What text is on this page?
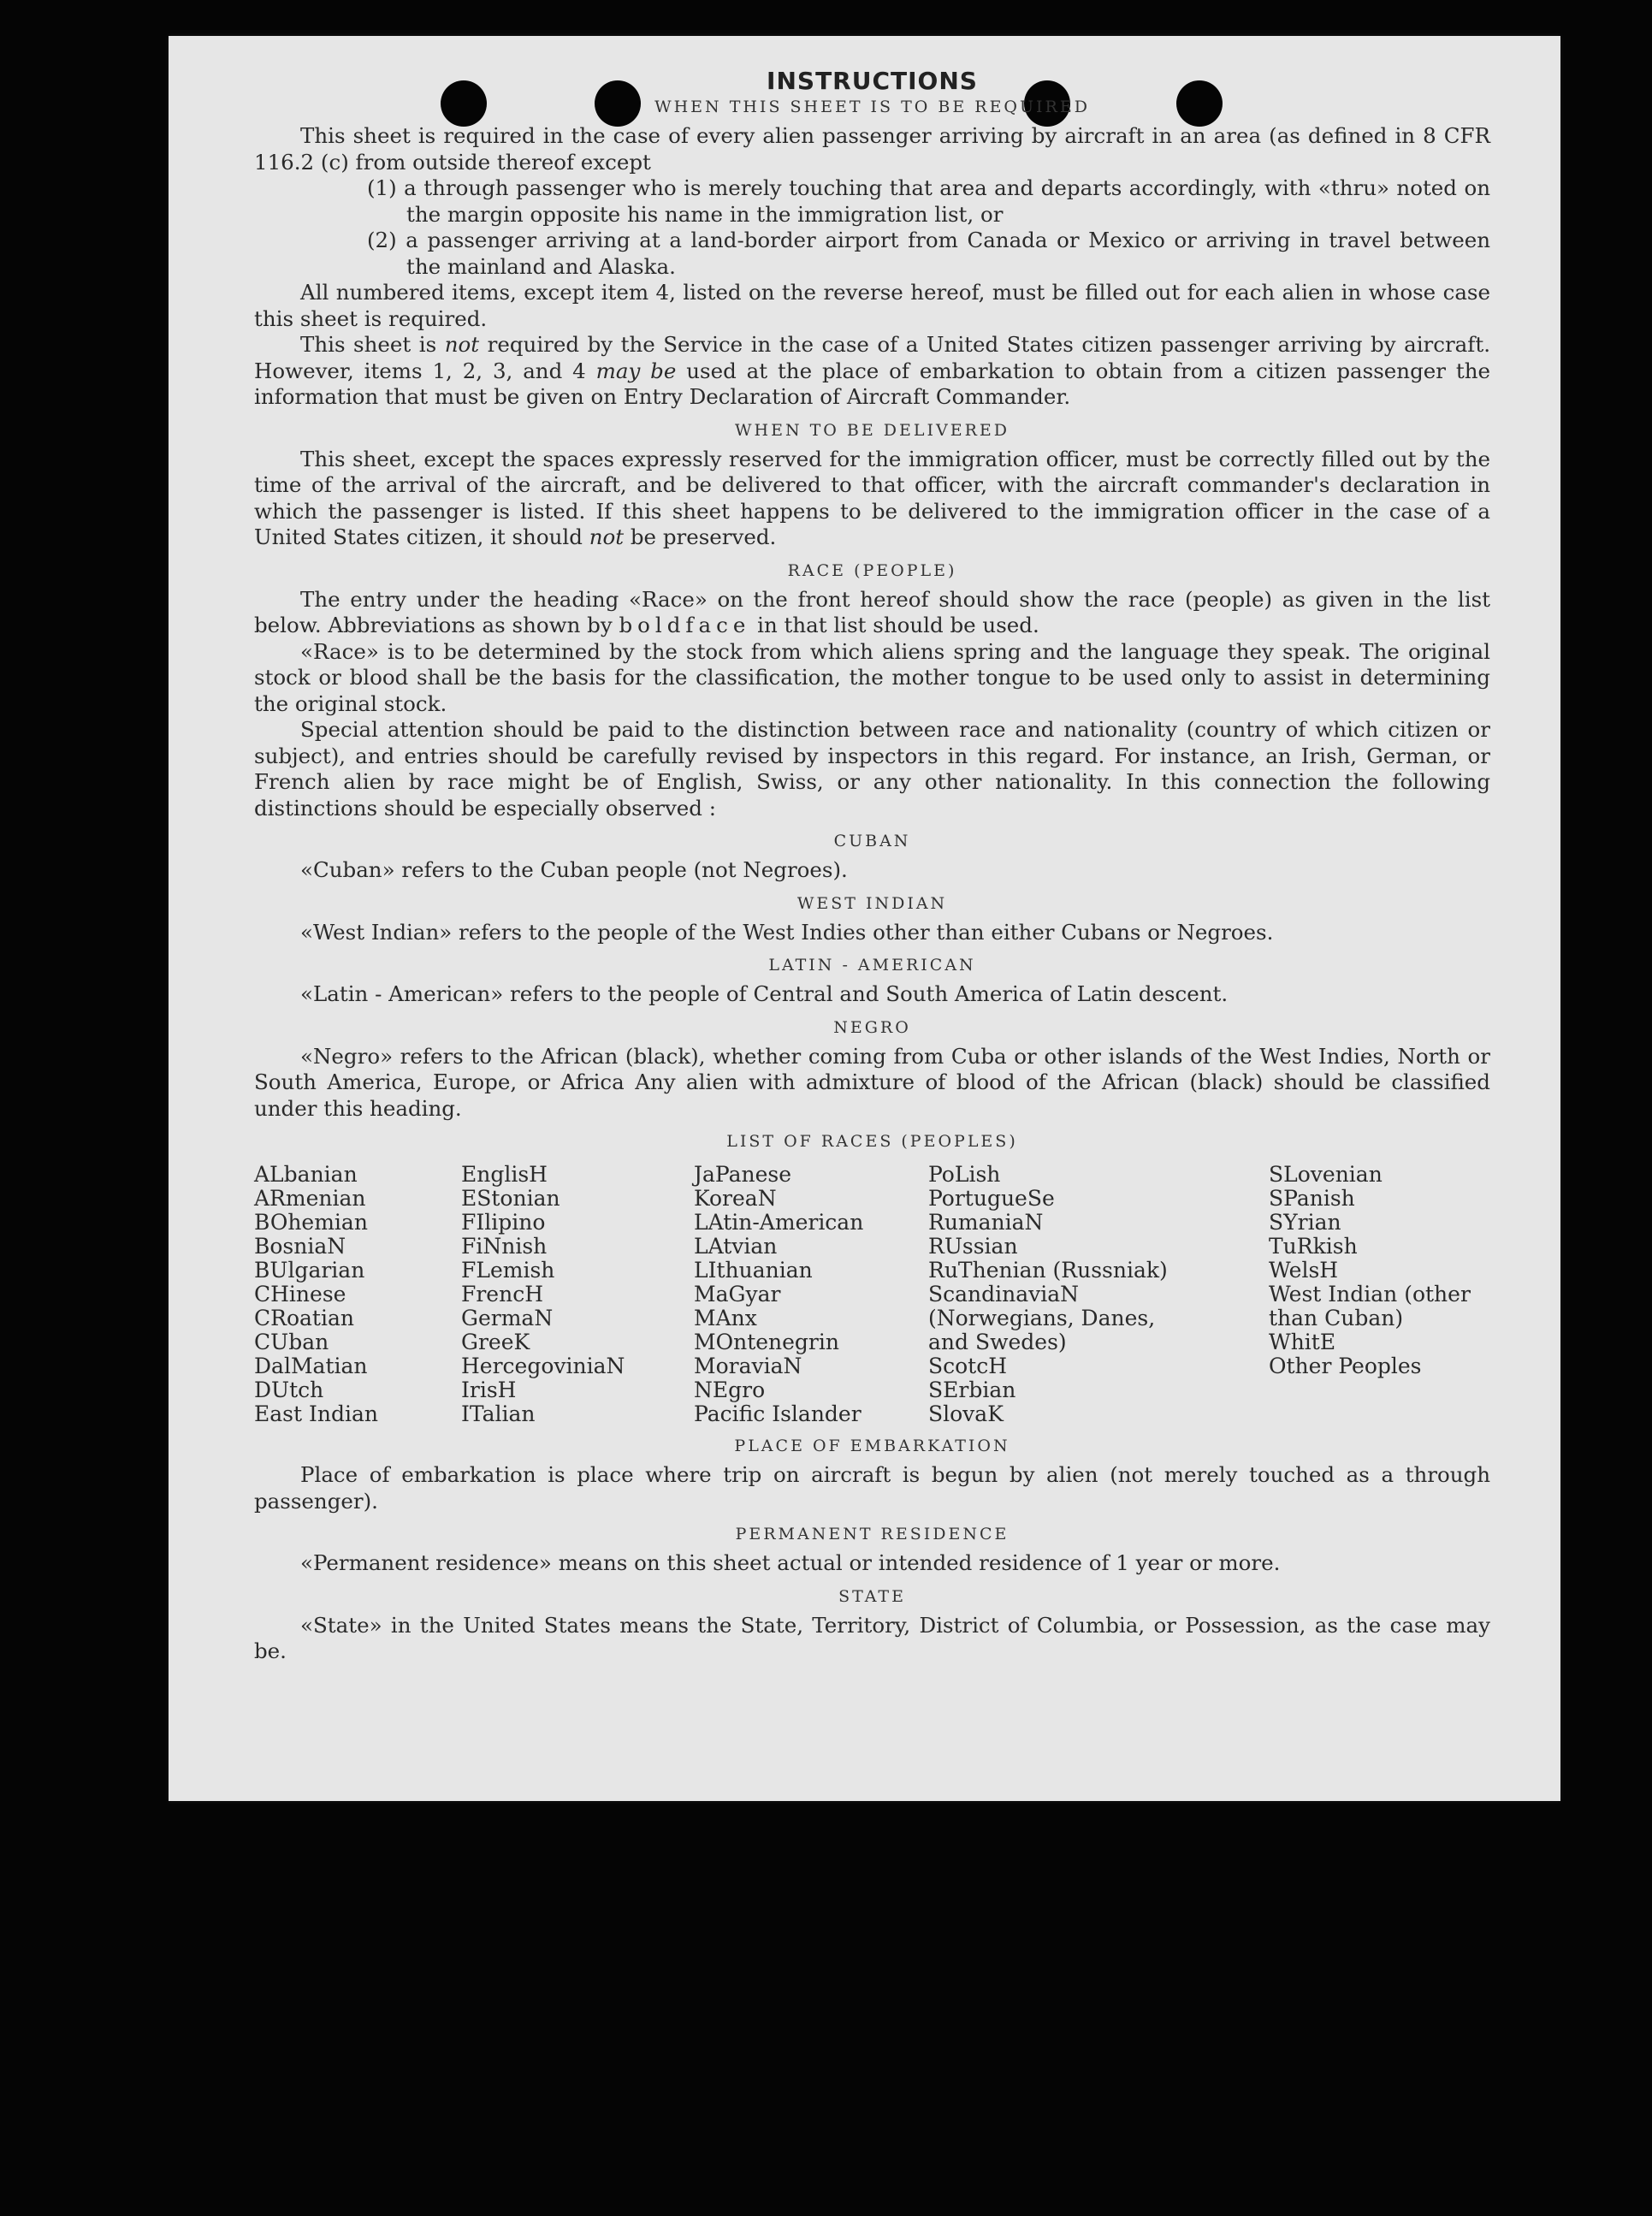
INSTRUCTIONS
WHEN THIS SHEET IS TO BE REQUIRED

This sheet is required in the case of every alien passenger arriving by aircraft in an area (as defined in 8 CFR 116.2 (c) from outside thereof except

(1) a through passenger who is merely touching that area and departs accordingly, with «thru» noted on the margin opposite his name in the immigration list, or

(2) a passenger arriving at a land-border airport from Canada or Mexico or arriving in travel between the mainland and Alaska.

All numbered items, except item 4, listed on the reverse hereof, must be filled out for each alien in whose case this sheet is required.

This sheet is not required by the Service in the case of a United States citizen passenger arriving by aircraft. However, items 1, 2, 3, and 4 may be used at the place of embarkation to obtain from a citizen passenger the information that must be given on Entry Declaration of Aircraft Commander.

WHEN TO BE DELIVERED

This sheet, except the spaces expressly reserved for the immigration officer, must be correctly filled out by the time of the arrival of the aircraft, and be delivered to that officer, with the aircraft commander's declaration in which the passenger is listed. If this sheet happens to be delivered to the immigration officer in the case of a United States citizen, it should not be preserved.

RACE (PEOPLE)

The entry under the heading «Race» on the front hereof should show the race (people) as given in the list below. Abbreviations as shown by boldface in that list should be used.

«Race» is to be determined by the stock from which aliens spring and the language they speak. The original stock or blood shall be the basis for the classification, the mother tongue to be used only to assist in determining the original stock.

Special attention should be paid to the distinction between race and nationality (country of which citizen or subject), and entries should be carefully revised by inspectors in this regard. For instance, an Irish, German, or French alien by race might be of English, Swiss, or any other nationality. In this connection the following distinctions should be especially observed :

CUBAN

«Cuban» refers to the Cuban people (not Negroes).

WEST INDIAN

«West Indian» refers to the people of the West Indies other than either Cubans or Negroes.

LATIN - AMERICAN

«Latin - American» refers to the people of Central and South America of Latin descent.

NEGRO

«Negro» refers to the African (black), whether coming from Cuba or other islands of the West Indies, North or South America, Europe, or Africa Any alien with admixture of blood of the African (black) should be classified under this heading.

LIST OF RACES (PEOPLES)
ALbanian
ARmenian
BOhemian
BosniaN
BUlgarian
CHinese
CRoatian
CUban
DalMatian
DUtch
East Indian
EnglisH
EStonian
FIlipino
FiNnish
FLemish
FrencH
GermaN
GreeK
HercegovinіaN
IrisH
ITalian
JaPanese
KoreaN
LAtin-American
LAtvian
LIthuanian
MaGyar
MAnx
MOntenegrin
MoraviaN
NEgro
Pacific Islander
PoLish
PortugueSe
RumaniaN
RUssian
RuThenian (Russniak)
ScandinaviaN (Norwegians, Danes, and Swedes)
ScotcH
SErbian
SlovaK
SLovenian
SPanish
SYrian
TuRkish
WelsH
West Indian (other than Cuban)
WhitE
Other Peoples
PLACE OF EMBARKATION

Place of embarkation is place where trip on aircraft is begun by alien (not merely touched as a through passenger).

PERMANENT RESIDENCE

«Permanent residence» means on this sheet actual or intended residence of 1 year or more.

STATE

«State» in the United States means the State, Territory, District of Columbia, or Possession, as the case may be.
